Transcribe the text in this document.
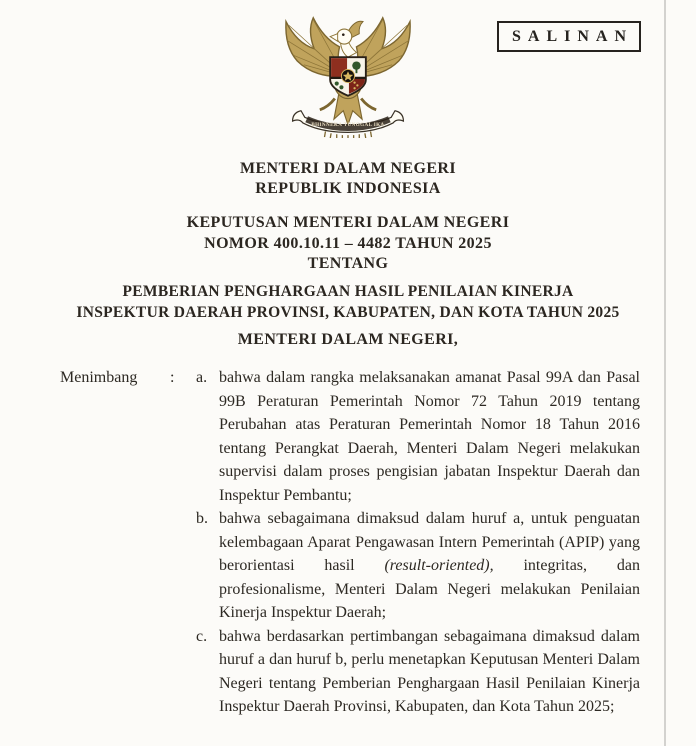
SALINAN
BHINNEKA TUNGGAL IKA
MENTERI DALAM NEGERI
REPUBLIK INDONESIA
KEPUTUSAN MENTERI DALAM NEGERI
NOMOR 400.10.11 – 4482 TAHUN 2025
TENTANG
PEMBERIAN PENGHARGAAN HASIL PENILAIAN KINERJA
INSPEKTUR DAERAH PROVINSI, KABUPATEN, DAN KOTA TAHUN 2025
MENTERI DALAM NEGERI,
Menimbang	:	a. bahwa dalam rangka melaksanakan amanat Pasal 99A dan Pasal 99B Peraturan Pemerintah Nomor 72 Tahun 2019 tentang Perubahan atas Peraturan Pemerintah Nomor 18 Tahun 2016 tentang Perangkat Daerah, Menteri Dalam Negeri melakukan supervisi dalam proses pengisian jabatan Inspektur Daerah dan Inspektur Pembantu;
b. bahwa sebagaimana dimaksud dalam huruf a, untuk penguatan kelembagaan Aparat Pengawasan Intern Pemerintah (APIP) yang berorientasi hasil (result-oriented), integritas, dan profesionalisme, Menteri Dalam Negeri melakukan Penilaian Kinerja Inspektur Daerah;
c. bahwa berdasarkan pertimbangan sebagaimana dimaksud dalam huruf a dan huruf b, perlu menetapkan Keputusan Menteri Dalam Negeri tentang Pemberian Penghargaan Hasil Penilaian Kinerja Inspektur Daerah Provinsi, Kabupaten, dan Kota Tahun 2025;
